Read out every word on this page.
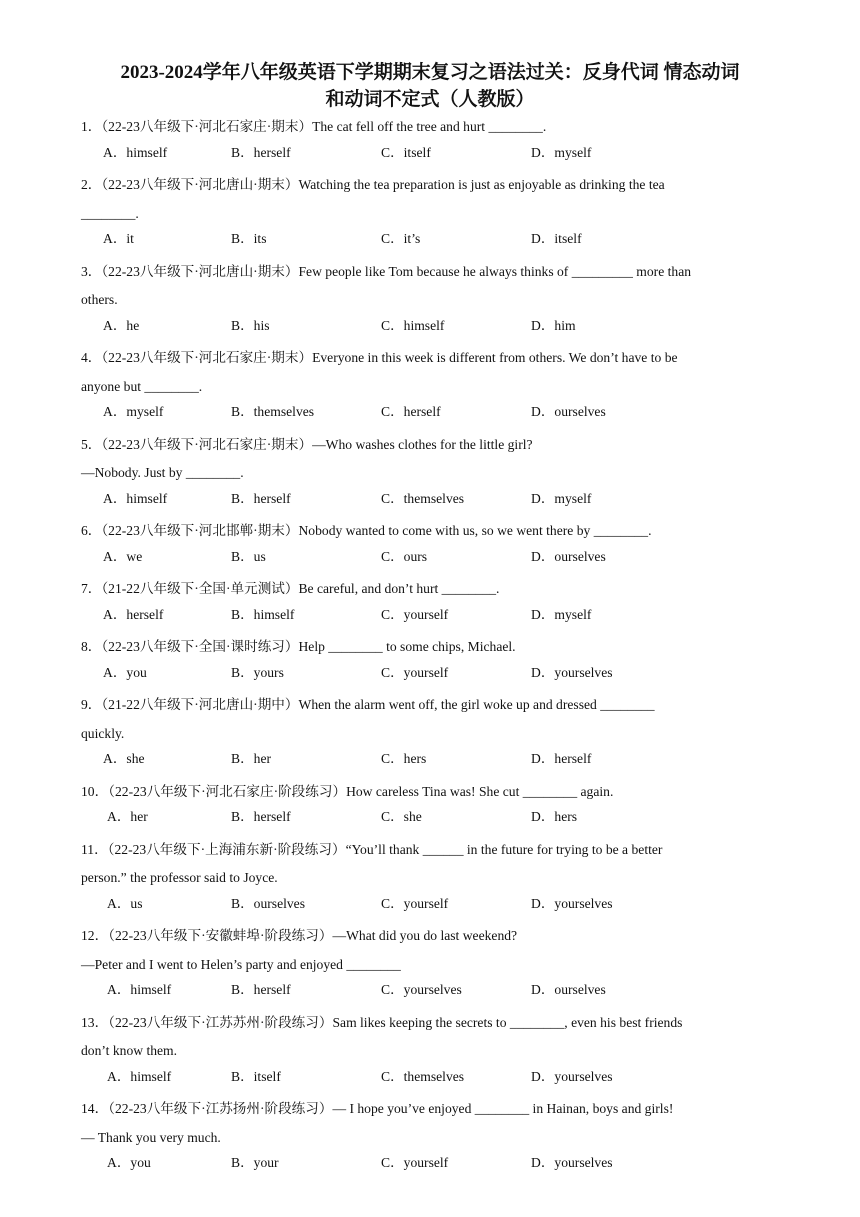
2023-2024学年八年级英语下学期期末复习之语法过关：反身代词 情态动词
和动词不定式（人教版）
1．（22-23八年级下·河北石家庄·期末）The cat fell off the tree and hurt ________.
A．himself	B．herself	C．itself	D．myself
2．（22-23八年级下·河北唐山·期末）Watching the tea preparation is just as enjoyable as drinking the tea
________.
A．it	B．its	C．it’s	D．itself
3．（22-23八年级下·河北唐山·期末）Few people like Tom because he always thinks of _________ more than
others.
A．he	B．his	C．himself	D．him
4．（22-23八年级下·河北石家庄·期末）Everyone in this week is different from others. We don’t have to be
anyone but ________.
A．myself	B．themselves	C．herself	D．ourselves
5．（22-23八年级下·河北石家庄·期末）—Who washes clothes for the little girl?
—Nobody. Just by ________.
A．himself	B．herself	C．themselves	D．myself
6．（22-23八年级下·河北邯郸·期末）Nobody wanted to come with us, so we went there by ________.
A．we	B．us	C．ours	D．ourselves
7．（21-22八年级下·全国·单元测试）Be careful, and don’t hurt ________.
A．herself	B．himself	C．yourself	D．myself
8．（22-23八年级下·全国·课时练习）Help ________ to some chips, Michael.
A．you	B．yours	C．yourself	D．yourselves
9．（21-22八年级下·河北唐山·期中）When the alarm went off, the girl woke up and dressed ________
quickly.
A．she	B．her	C．hers	D．herself
10．（22-23八年级下·河北石家庄·阶段练习）How careless Tina was! She cut ________ again.
A．her	B．herself	C．she	D．hers
11．（22-23八年级下·上海浦东新·阶段练习）“You’ll thank ______ in the future for trying to be a better
person.” the professor said to Joyce.
A．us	B．ourselves	C．yourself	D．yourselves
12．（22-23八年级下·安徽蚌埠·阶段练习）—What did you do last weekend?
—Peter and I went to Helen’s party and enjoyed ________
A．himself	B．herself	C．yourselves	D．ourselves
13．（22-23八年级下·江苏苏州·阶段练习）Sam likes keeping the secrets to ________, even his best friends
don’t know them.
A．himself	B．itself	C．themselves	D．yourselves
14．（22-23八年级下·江苏扬州·阶段练习）— I hope you’ve enjoyed ________ in Hainan, boys and girls!
— Thank you very much.
A．you	B．your	C．yourself	D．yourselves
